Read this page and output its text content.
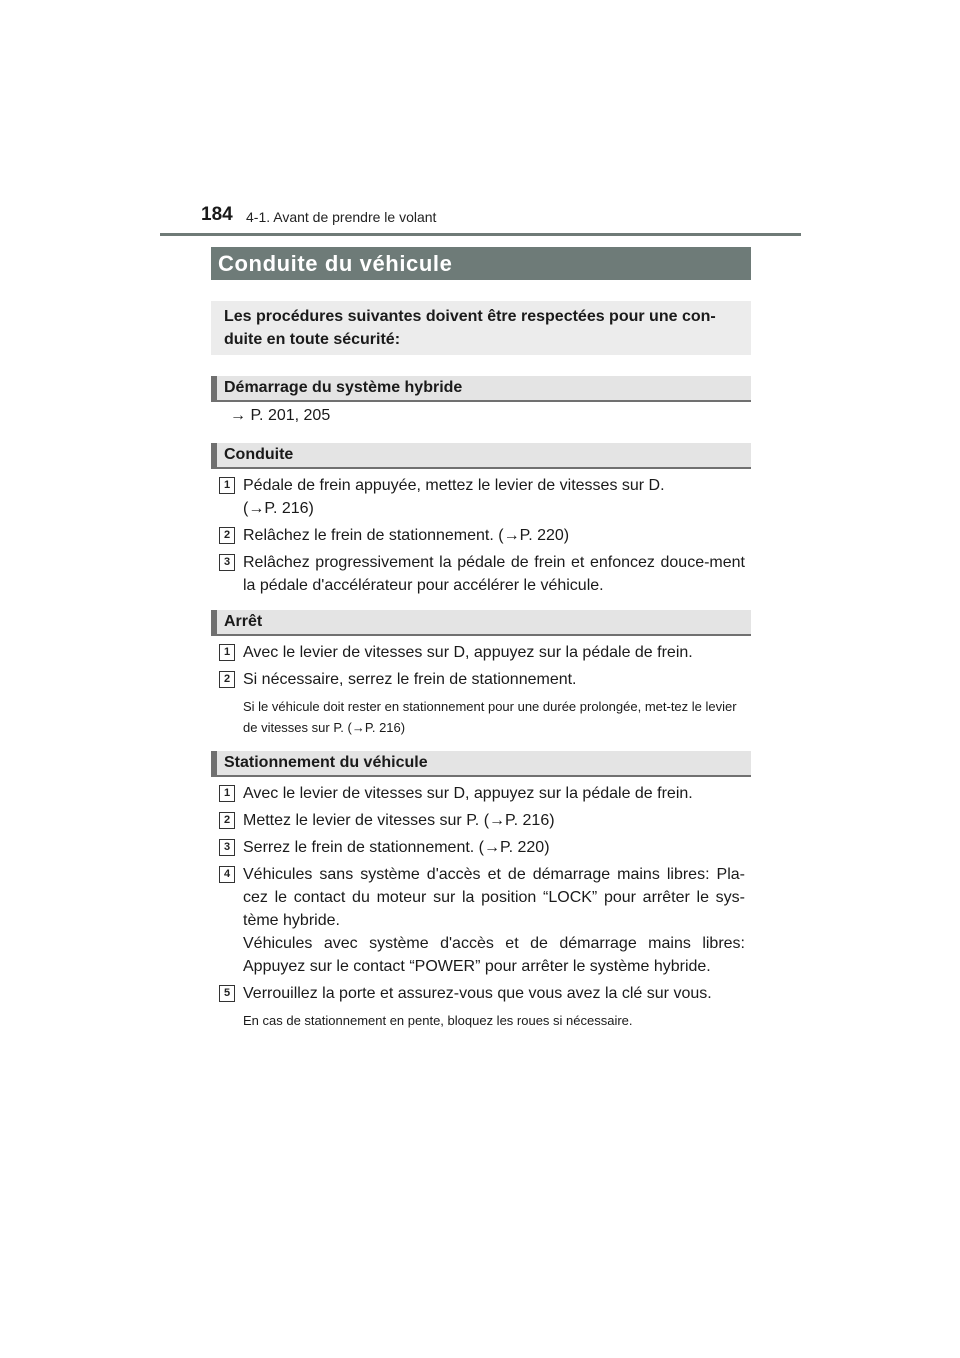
184 4-1. Avant de prendre le volant
Conduite du véhicule

Les procédures suivantes doivent être respectées pour une con-duite en toute sécurité:

Démarrage du système hybride
→ P. 201, 205
Conduite
1 Pédale de frein appuyée, mettez le levier de vitesses sur D. (→P. 216)
2 Relâchez le frein de stationnement. (→P. 220)
3 Relâchez progressivement la pédale de frein et enfoncez douce-ment la pédale d'accélérateur pour accélérer le véhicule.
Arrêt
1 Avec le levier de vitesses sur D, appuyez sur la pédale de frein.
2 Si nécessaire, serrez le frein de stationnement.
Si le véhicule doit rester en stationnement pour une durée prolongée, met-tez le levier de vitesses sur P. (→P. 216)
Stationnement du véhicule
1 Avec le levier de vitesses sur D, appuyez sur la pédale de frein.
2 Mettez le levier de vitesses sur P. (→P. 216)
3 Serrez le frein de stationnement. (→P. 220)
4 Véhicules sans système d'accès et de démarrage mains libres: Pla-cez le contact du moteur sur la position “LOCK” pour arrêter le sys-tème hybride.
Véhicules avec système d'accès et de démarrage mains libres: Appuyez sur le contact “POWER” pour arrêter le système hybride.
5 Verrouillez la porte et assurez-vous que vous avez la clé sur vous.
En cas de stationnement en pente, bloquez les roues si nécessaire.
